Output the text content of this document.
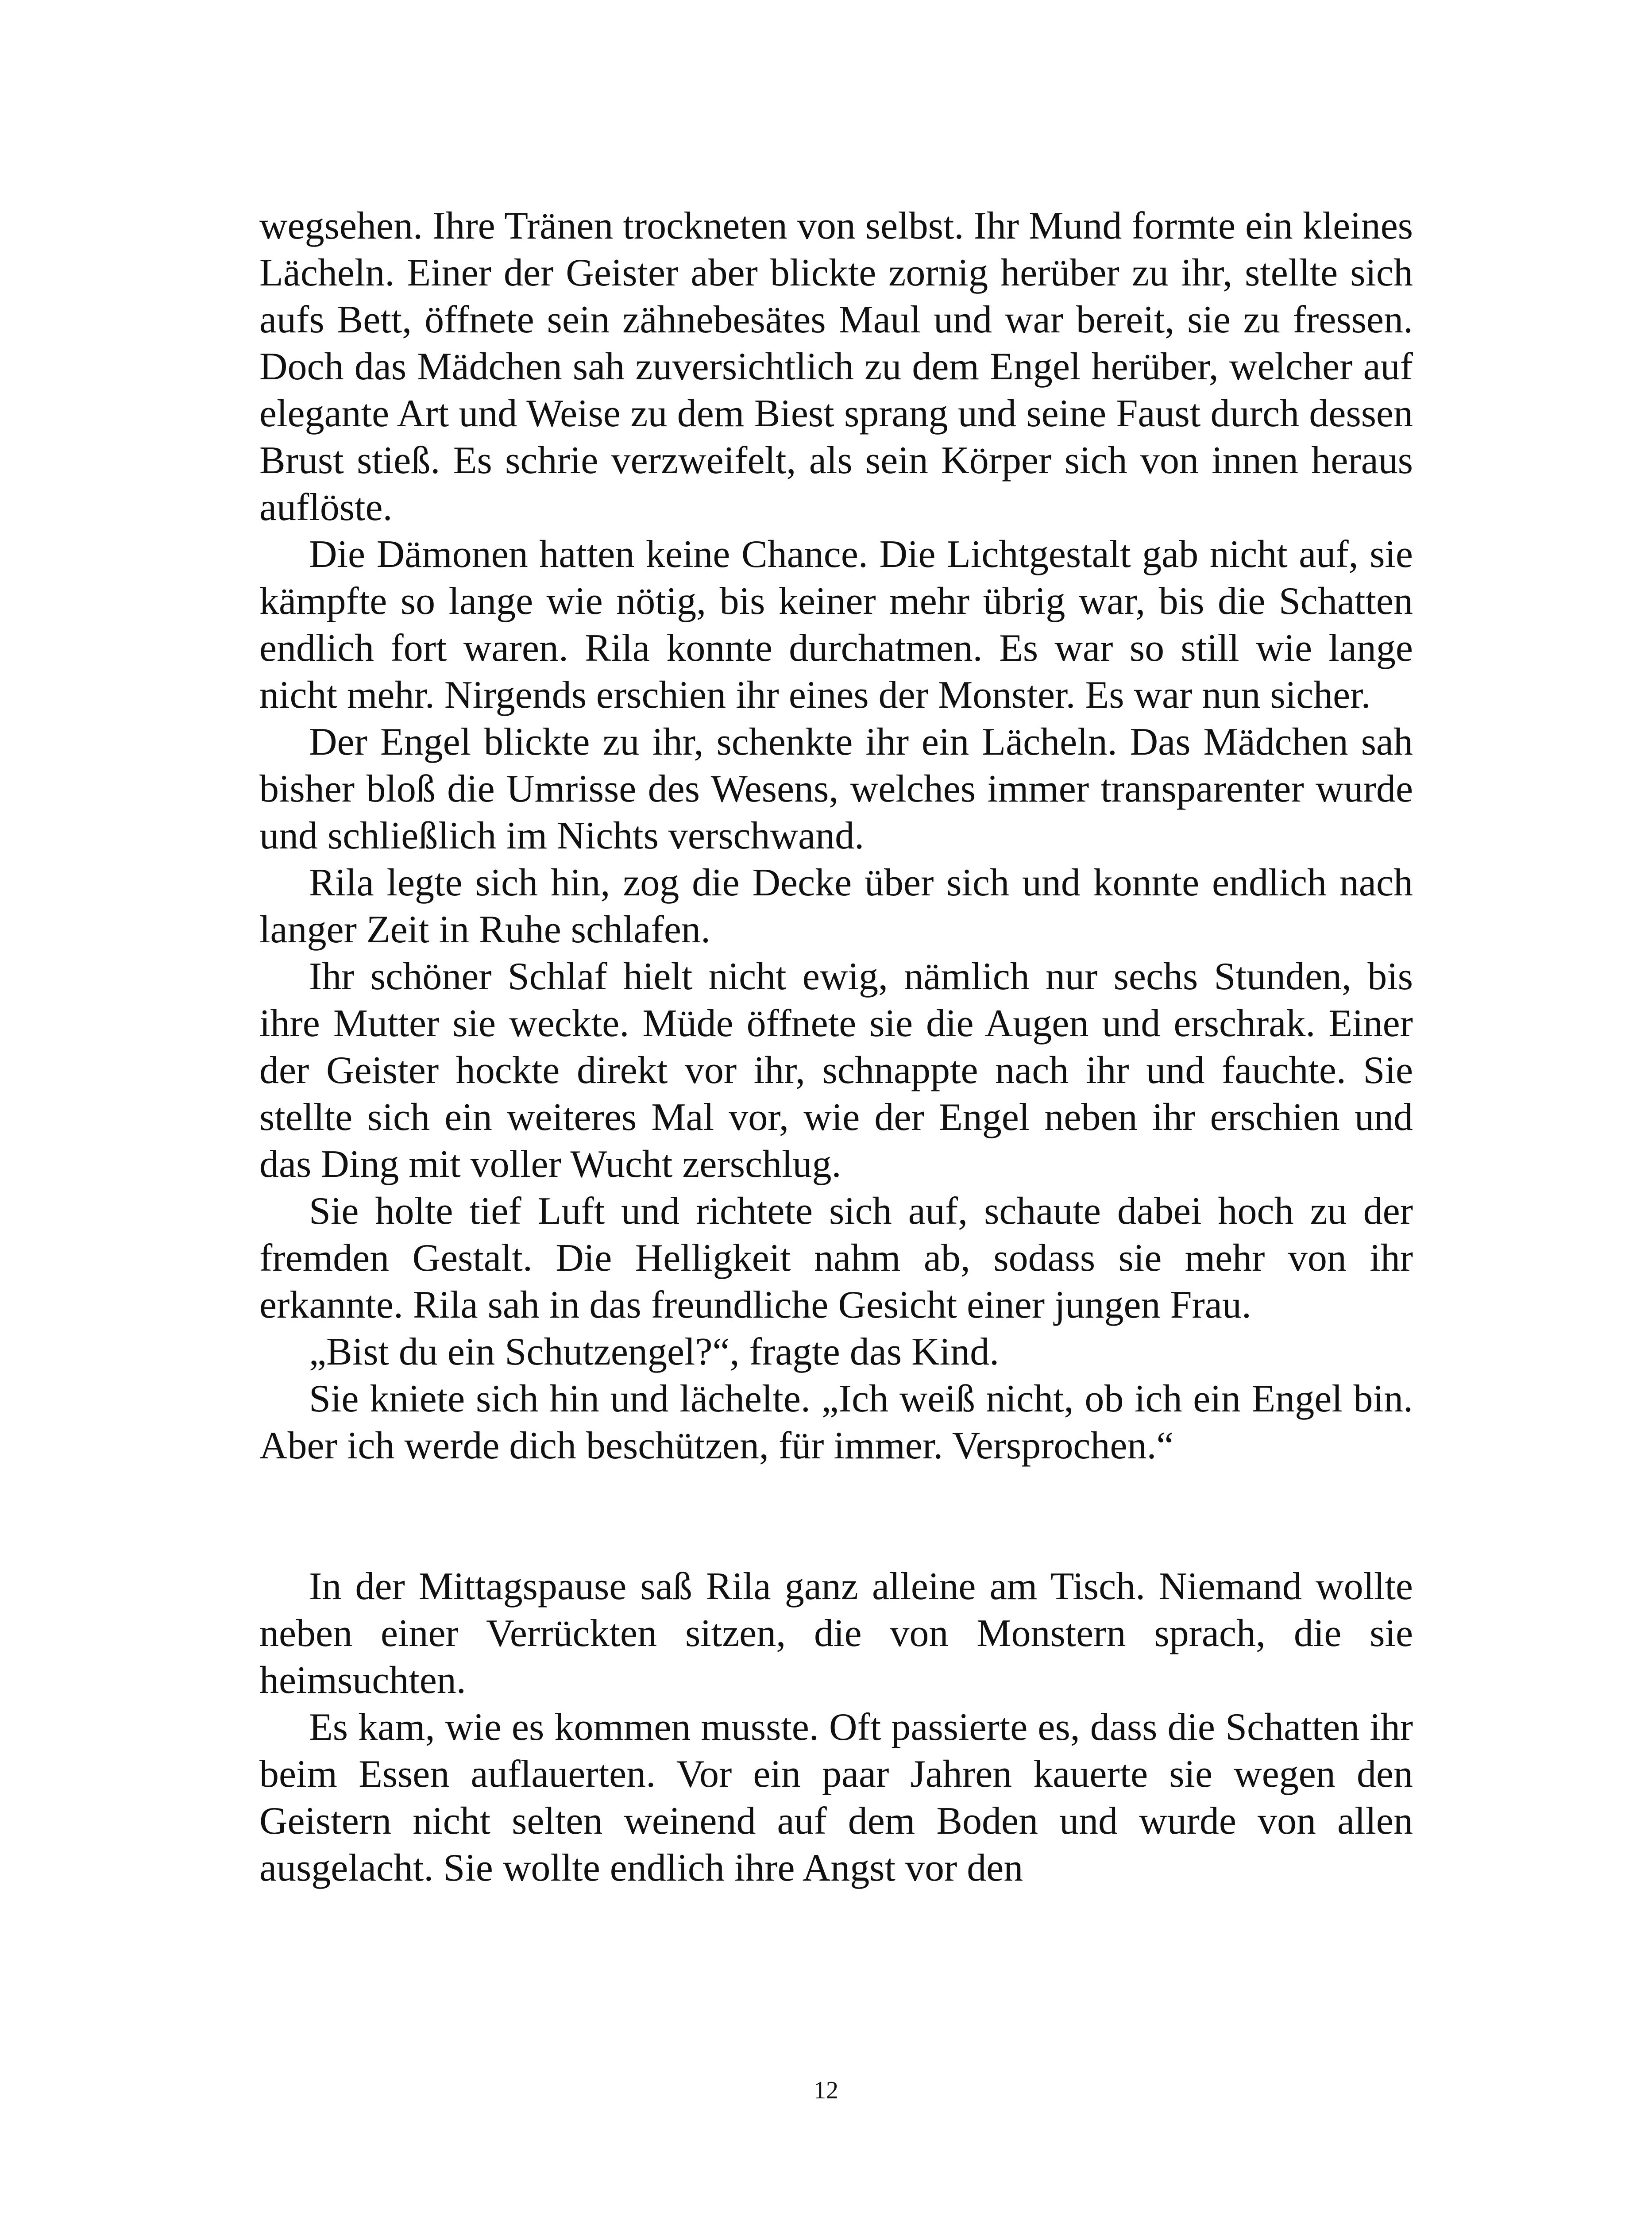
wegsehen. Ihre Tränen trockneten von selbst. Ihr Mund formte ein kleines Lächeln. Einer der Geister aber blickte zornig herüber zu ihr, stellte sich aufs Bett, öffnete sein zähnebesätes Maul und war bereit, sie zu fressen. Doch das Mädchen sah zuversichtlich zu dem Engel herüber, welcher auf elegante Art und Weise zu dem Biest sprang und seine Faust durch dessen Brust stieß. Es schrie verzweifelt, als sein Körper sich von innen heraus auflöste.

Die Dämonen hatten keine Chance. Die Lichtgestalt gab nicht auf, sie kämpfte so lange wie nötig, bis keiner mehr übrig war, bis die Schatten endlich fort waren. Rila konnte durchatmen. Es war so still wie lange nicht mehr. Nirgends erschien ihr eines der Monster. Es war nun sicher.

Der Engel blickte zu ihr, schenkte ihr ein Lächeln. Das Mädchen sah bisher bloß die Umrisse des Wesens, welches immer transparenter wurde und schließlich im Nichts verschwand.

Rila legte sich hin, zog die Decke über sich und konnte endlich nach langer Zeit in Ruhe schlafen.

Ihr schöner Schlaf hielt nicht ewig, nämlich nur sechs Stunden, bis ihre Mutter sie weckte. Müde öffnete sie die Augen und erschrak. Einer der Geister hockte direkt vor ihr, schnappte nach ihr und fauchte. Sie stellte sich ein weiteres Mal vor, wie der Engel neben ihr erschien und das Ding mit voller Wucht zerschlug.

Sie holte tief Luft und richtete sich auf, schaute dabei hoch zu der fremden Gestalt. Die Helligkeit nahm ab, sodass sie mehr von ihr erkannte. Rila sah in das freundliche Gesicht einer jungen Frau.

„Bist du ein Schutzengel?“, fragte das Kind.

Sie kniete sich hin und lächelte. „Ich weiß nicht, ob ich ein Engel bin. Aber ich werde dich beschützen, für immer. Versprochen.“

In der Mittagspause saß Rila ganz alleine am Tisch. Niemand wollte neben einer Verrückten sitzen, die von Monstern sprach, die sie heimsuchten.

Es kam, wie es kommen musste. Oft passierte es, dass die Schatten ihr beim Essen auflauerten. Vor ein paar Jahren kauerte sie wegen den Geistern nicht selten weinend auf dem Boden und wurde von allen ausgelacht. Sie wollte endlich ihre Angst vor den

12
